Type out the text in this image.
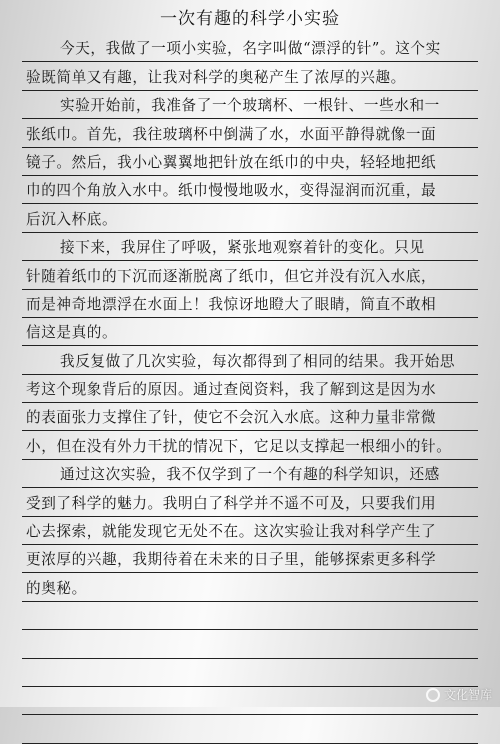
一次有趣的科学小实验
今天，我做了一项小实验，名字叫做“漂浮的针”。这个实
验既简单又有趣，让我对科学的奥秘产生了浓厚的兴趣。
实验开始前，我准备了一个玻璃杯、一根针、一些水和一
张纸巾。首先，我往玻璃杯中倒满了水，水面平静得就像一面
镜子。然后，我小心翼翼地把针放在纸巾的中央，轻轻地把纸
巾的四个角放入水中。纸巾慢慢地吸水，变得湿润而沉重，最
后沉入杯底。
接下来，我屏住了呼吸，紧张地观察着针的变化。只见
针随着纸巾的下沉而逐渐脱离了纸巾，但它并没有沉入水底，
而是神奇地漂浮在水面上！我惊讶地瞪大了眼睛，简直不敢相
信这是真的。
我反复做了几次实验，每次都得到了相同的结果。我开始思
考这个现象背后的原因。通过查阅资料，我了解到这是因为水
的表面张力支撑住了针，使它不会沉入水底。这种力量非常微
小，但在没有外力干扰的情况下，它足以支撑起一根细小的针。
通过这次实验，我不仅学到了一个有趣的科学知识，还感
受到了科学的魅力。我明白了科学并不遥不可及，只要我们用
心去探索，就能发现它无处不在。这次实验让我对科学产生了
更浓厚的兴趣，我期待着在未来的日子里，能够探索更多科学
的奥秘。
文化智库
